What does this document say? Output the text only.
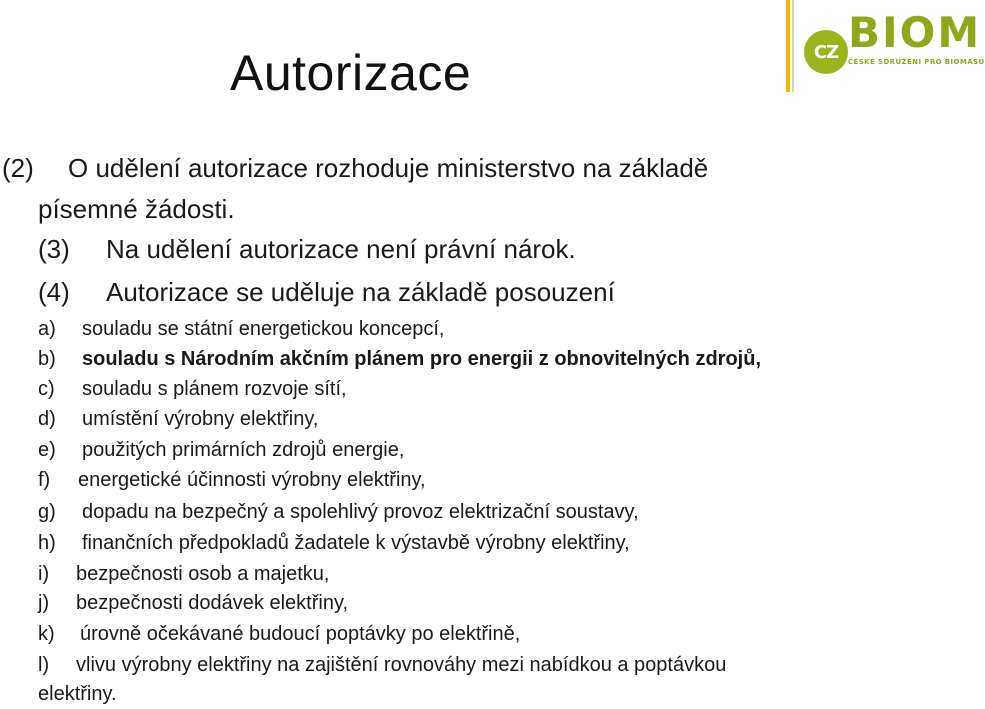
Autorizace	CZ BIOM
ČESKÉ SDRUŽENÍ PRO BIOMASU
(2) O udělení autorizace rozhoduje ministerstvo na základě
písemné žádosti.
(3) Na udělení autorizace není právní nárok.
(4) Autorizace se uděluje na základě posouzení
a) souladu se státní energetickou koncepcí,
b) souladu s Národním akčním plánem pro energii z obnovitelných zdrojů,
c) souladu s plánem rozvoje sítí,
d) umístění výrobny elektřiny,
e) použitých primárních zdrojů energie,
f) energetické účinnosti výrobny elektřiny,
g) dopadu na bezpečný a spolehlivý provoz elektrizační soustavy,
h) finančních předpokladů žadatele k výstavbě výrobny elektřiny,
i) bezpečnosti osob a majetku,
j) bezpečnosti dodávek elektřiny,
k) úrovně očekávané budoucí poptávky po elektřině,
l) vlivu výrobny elektřiny na zajištění rovnováhy mezi nabídkou a poptávkou
elektřiny.
